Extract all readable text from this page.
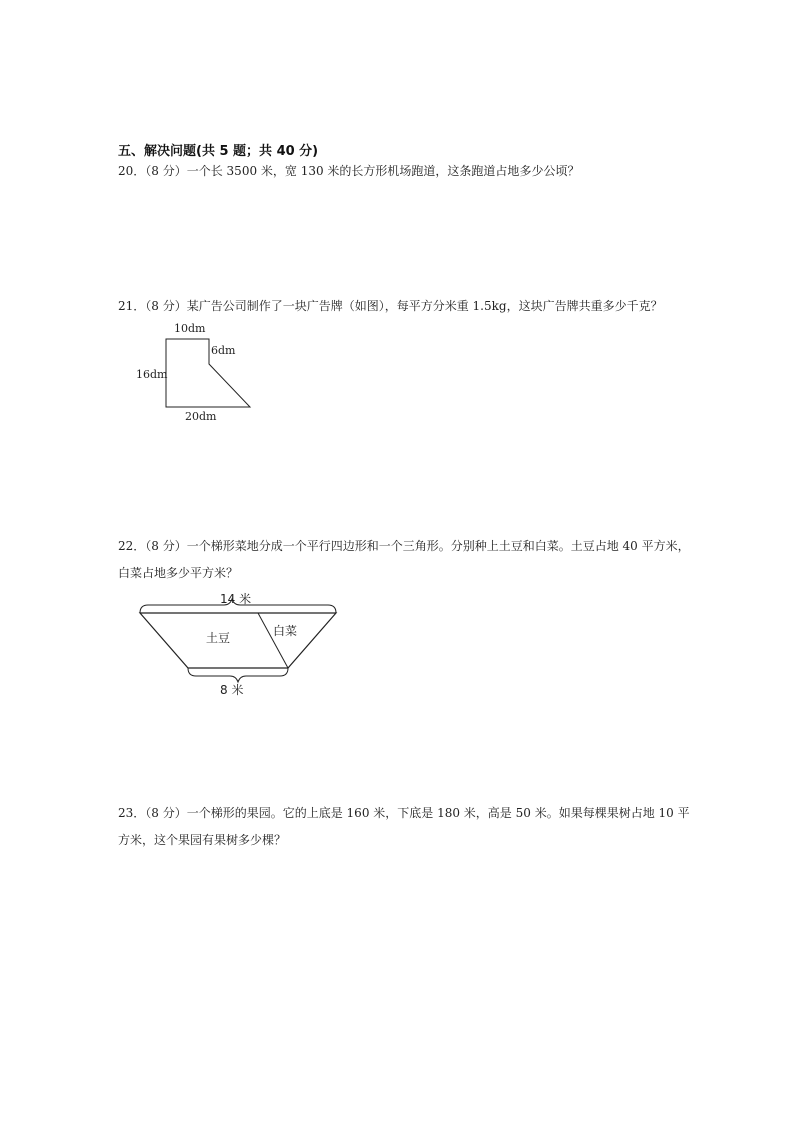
五、解决问题(共 5 题；共 40 分)
20．（8 分）一个长 3500 米，宽 130 米的长方形机场跑道，这条跑道占地多少公顷？
21．（8 分）某广告公司制作了一块广告牌（如图），每平方分米重 1.5kg，这块广告牌共重多少千克？
10dm
6dm
16dm
20dm
22．（8 分）一个梯形菜地分成一个平行四边形和一个三角形。分别种上土豆和白菜。土豆占地 40 平方米，白菜占地多少平方米？
14 米
8 米
土豆	白菜
23．（8 分）一个梯形的果园。它的上底是 160 米，下底是 180 米，高是 50 米。如果每棵果树占地 10 平方米，这个果园有果树多少棵？
